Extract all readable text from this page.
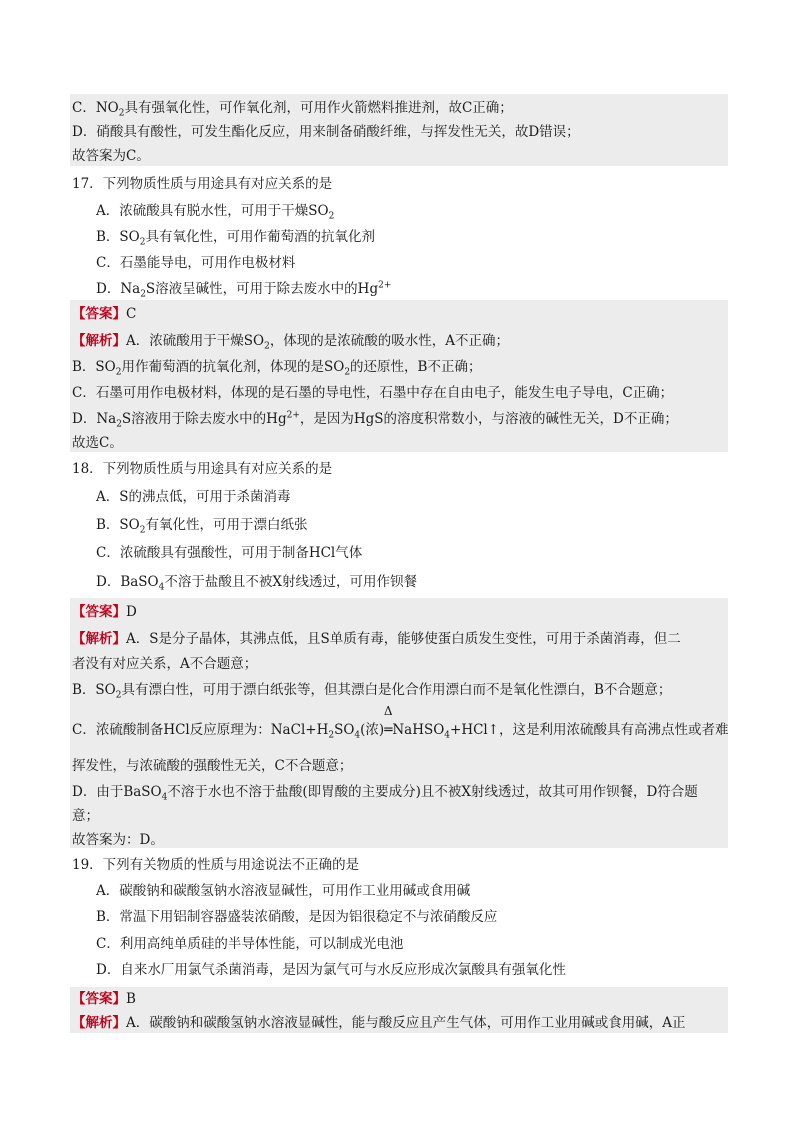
C．$NO_2$具有强氧化性，可作氧化剂，可用作火箭燃料推进剂，故C正确；
D．硝酸具有酸性，可发生酯化反应，用来制备硝酸纤维，与挥发性无关，故D错误；
故答案为C。
17．下列物质性质与用途具有对应关系的是
A．浓硫酸具有脱水性，可用于干燥$SO_2$
B．$SO_2$具有氧化性，可用作葡萄酒的抗氧化剂
C．石墨能导电，可用作电极材料
D．$Na_2S$溶液呈碱性，可用于除去废水中的$Hg^{2+}$
【答案】C
【解析】A．浓硫酸用于干燥$SO_2$，体现的是浓硫酸的吸水性，A不正确；
B．$SO_2$用作葡萄酒的抗氧化剂，体现的是$SO_2$的还原性，B不正确；
C．石墨可用作电极材料，体现的是石墨的导电性，石墨中存在自由电子，能发生电子导电，C正确；
D．$Na_2S$溶液用于除去废水中的$Hg^{2+}$，是因为HgS的溶度积常数小，与溶液的碱性无关，D不正确；
故选C。
18．下列物质性质与用途具有对应关系的是
A．S的沸点低，可用于杀菌消毒
B．$SO_2$有氧化性，可用于漂白纸张
C．浓硫酸具有强酸性，可用于制备HCl气体
D．BaSO$_4$不溶于盐酸且不被X射线透过，可用作钡餐
【答案】D
【解析】A．S是分子晶体，其沸点低，且S单质有毒，能够使蛋白质发生变性，可用于杀菌消毒，但二
者没有对应关系，A不合题意；
B．$SO_2$具有漂白性，可用于漂白纸张等，但其漂白是化合作用漂白而不是氧化性漂白，B不合题意；
C．浓硫酸制备HCl反应原理为：$NaCl+H_2SO_4$(浓)
Δ
═NaHSO$_4$+HCl↑，这是利用浓硫酸具有高沸点性或者难
挥发性，与浓硫酸的强酸性无关，C不合题意；
D．由于BaSO$_4$不溶于水也不溶于盐酸(即胃酸的主要成分)且不被X射线透过，故其可用作钡餐，D符合题
意；
故答案为：D。
19．下列有关物质的性质与用途说法不正确的是
A．碳酸钠和碳酸氢钠水溶液显碱性，可用作工业用碱或食用碱
B．常温下用铝制容器盛装浓硝酸，是因为铝很稳定不与浓硝酸反应
C．利用高纯单质硅的半导体性能，可以制成光电池
D．自来水厂用氯气杀菌消毒，是因为氯气可与水反应形成次氯酸具有强氧化性
【答案】B
【解析】A．碳酸钠和碳酸氢钠水溶液显碱性，能与酸反应且产生气体，可用作工业用碱或食用碱，A正
